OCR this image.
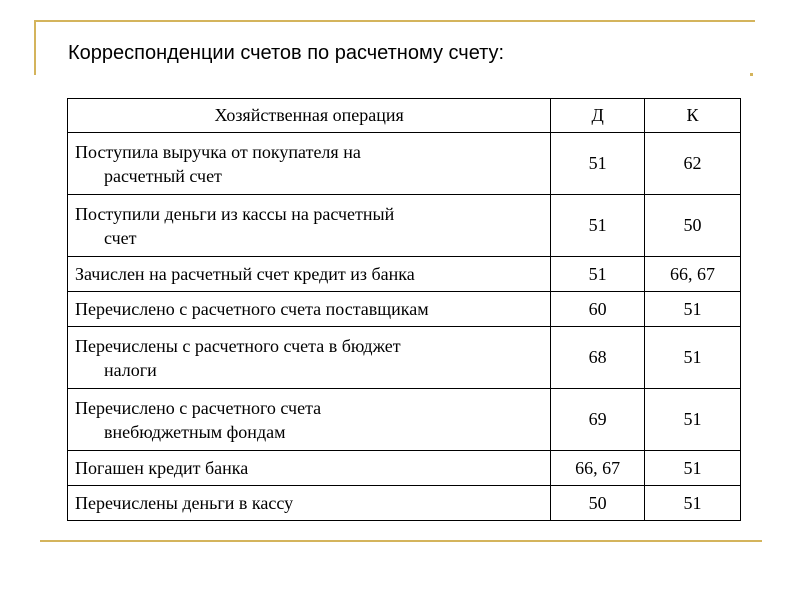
Корреспонденции счетов по расчетному счету:
Хозяйственная операция	Д	К
Поступила выручка от покупателя на
расчетный счет	51	62
Поступили деньги из кассы на расчетный
счет	51	50
Зачислен на расчетный счет кредит из банка	51	66, 67
Перечислено с расчетного счета поставщикам	60	51
Перечислены с расчетного счета в бюджет
налоги	68	51
Перечислено с расчетного счета
внебюджетным фондам	69	51
Погашен кредит банка	66, 67	51
Перечислены деньги в кассу	50	51
